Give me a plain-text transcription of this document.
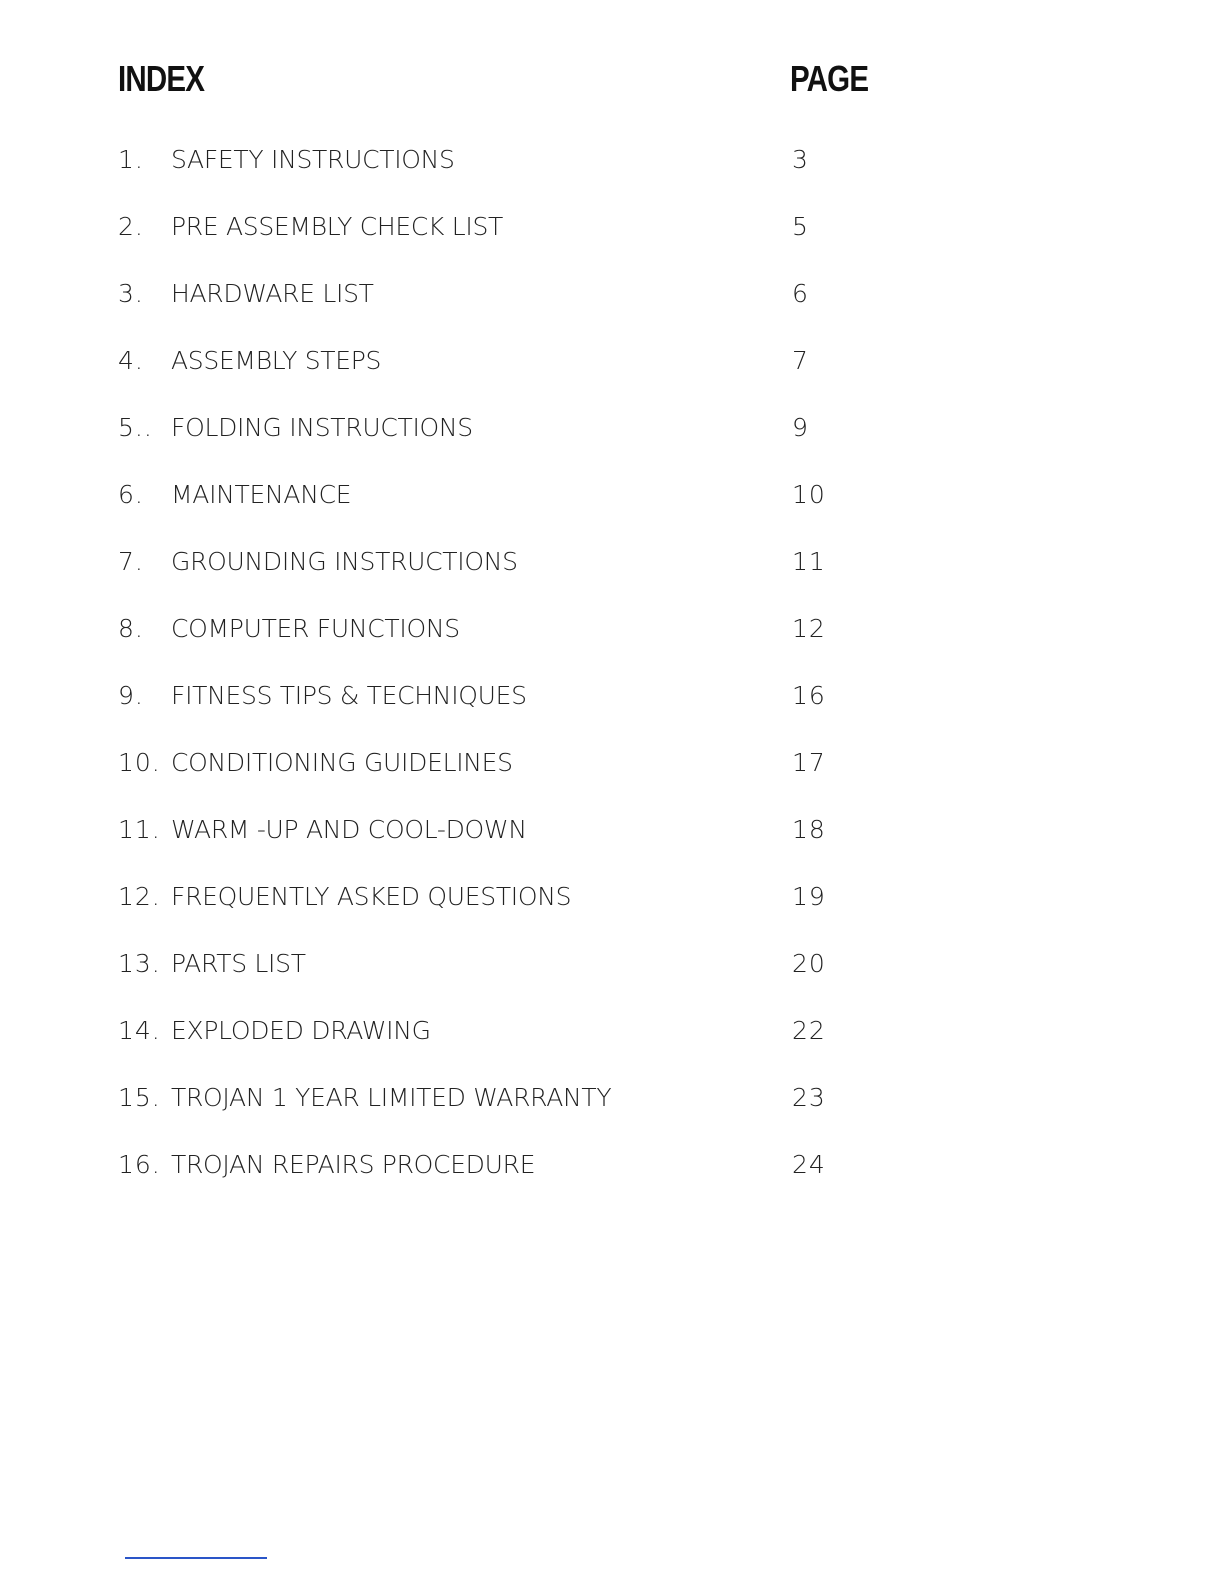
INDEX	PAGE
1. SAFETY INSTRUCTIONS	3
2. PRE ASSEMBLY CHECK LIST	5
3. HARDWARE LIST	6
4. ASSEMBLY STEPS	7
5.. FOLDING INSTRUCTIONS	9
6. MAINTENANCE	10
7. GROUNDING INSTRUCTIONS	11
8. COMPUTER FUNCTIONS	12
9. FITNESS TIPS & TECHNIQUES	16
10. CONDITIONING GUIDELINES	17
11. WARM -UP AND COOL-DOWN	18
12. FREQUENTLY ASKED QUESTIONS	19
13. PARTS LIST	20
14. EXPLODED DRAWING	22
15. TROJAN 1 YEAR LIMITED WARRANTY	23
16. TROJAN REPAIRS PROCEDURE	24
